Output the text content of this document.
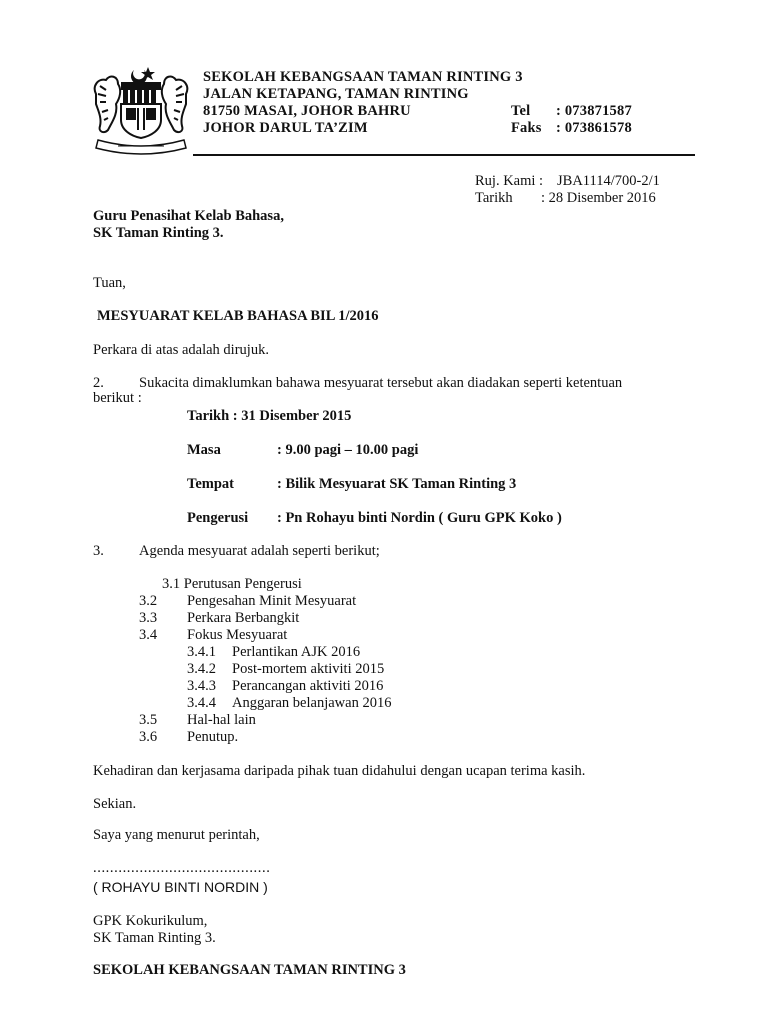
SEKOLAH KEBANGSAAN TAMAN RINTING 3
JALAN KETAPANG, TAMAN RINTING
81750 MASAI, JOHOR BAHRU
JOHOR DARUL TA’ZIM
Tel : 073871587
Faks : 073861578
Ruj. Kami : JBA1114/700-2/1
Tarikh : 28 Disember 2016
Guru Penasihat Kelab Bahasa,
SK Taman Rinting 3.
Tuan,
MESYUARAT KELAB BAHASA BIL 1/2016
Perkara di atas adalah dirujuk.
2. Sukacita dimaklumkan bahawa mesyuarat tersebut akan diadakan seperti ketentuan
berikut :
Tarikh : 31 Disember 2015
Masa	: 9.00 pagi – 10.00 pagi
Tempat	: Bilik Mesyuarat SK Taman Rinting 3
Pengerusi : Pn Rohayu binti Nordin ( Guru GPK Koko )
3. Agenda mesyuarat adalah seperti berikut;
3.1 Perutusan Pengerusi
3.2 Pengesahan Minit Mesyuarat
3.3 Perkara Berbangkit
3.4 Fokus Mesyuarat
3.4.1 Perlantikan AJK 2016
3.4.2 Post-mortem aktiviti 2015
3.4.3 Perancangan aktiviti 2016
3.4.4 Anggaran belanjawan 2016
3.5 Hal-hal lain
3.6 Penutup.
Kehadiran dan kerjasama daripada pihak tuan didahului dengan ucapan terima kasih.
Sekian.
Saya yang menurut perintah,
..........................................
( ROHAYU BINTI NORDIN )
GPK Kokurikulum,
SK Taman Rinting 3.
SEKOLAH KEBANGSAAN TAMAN RINTING 3
